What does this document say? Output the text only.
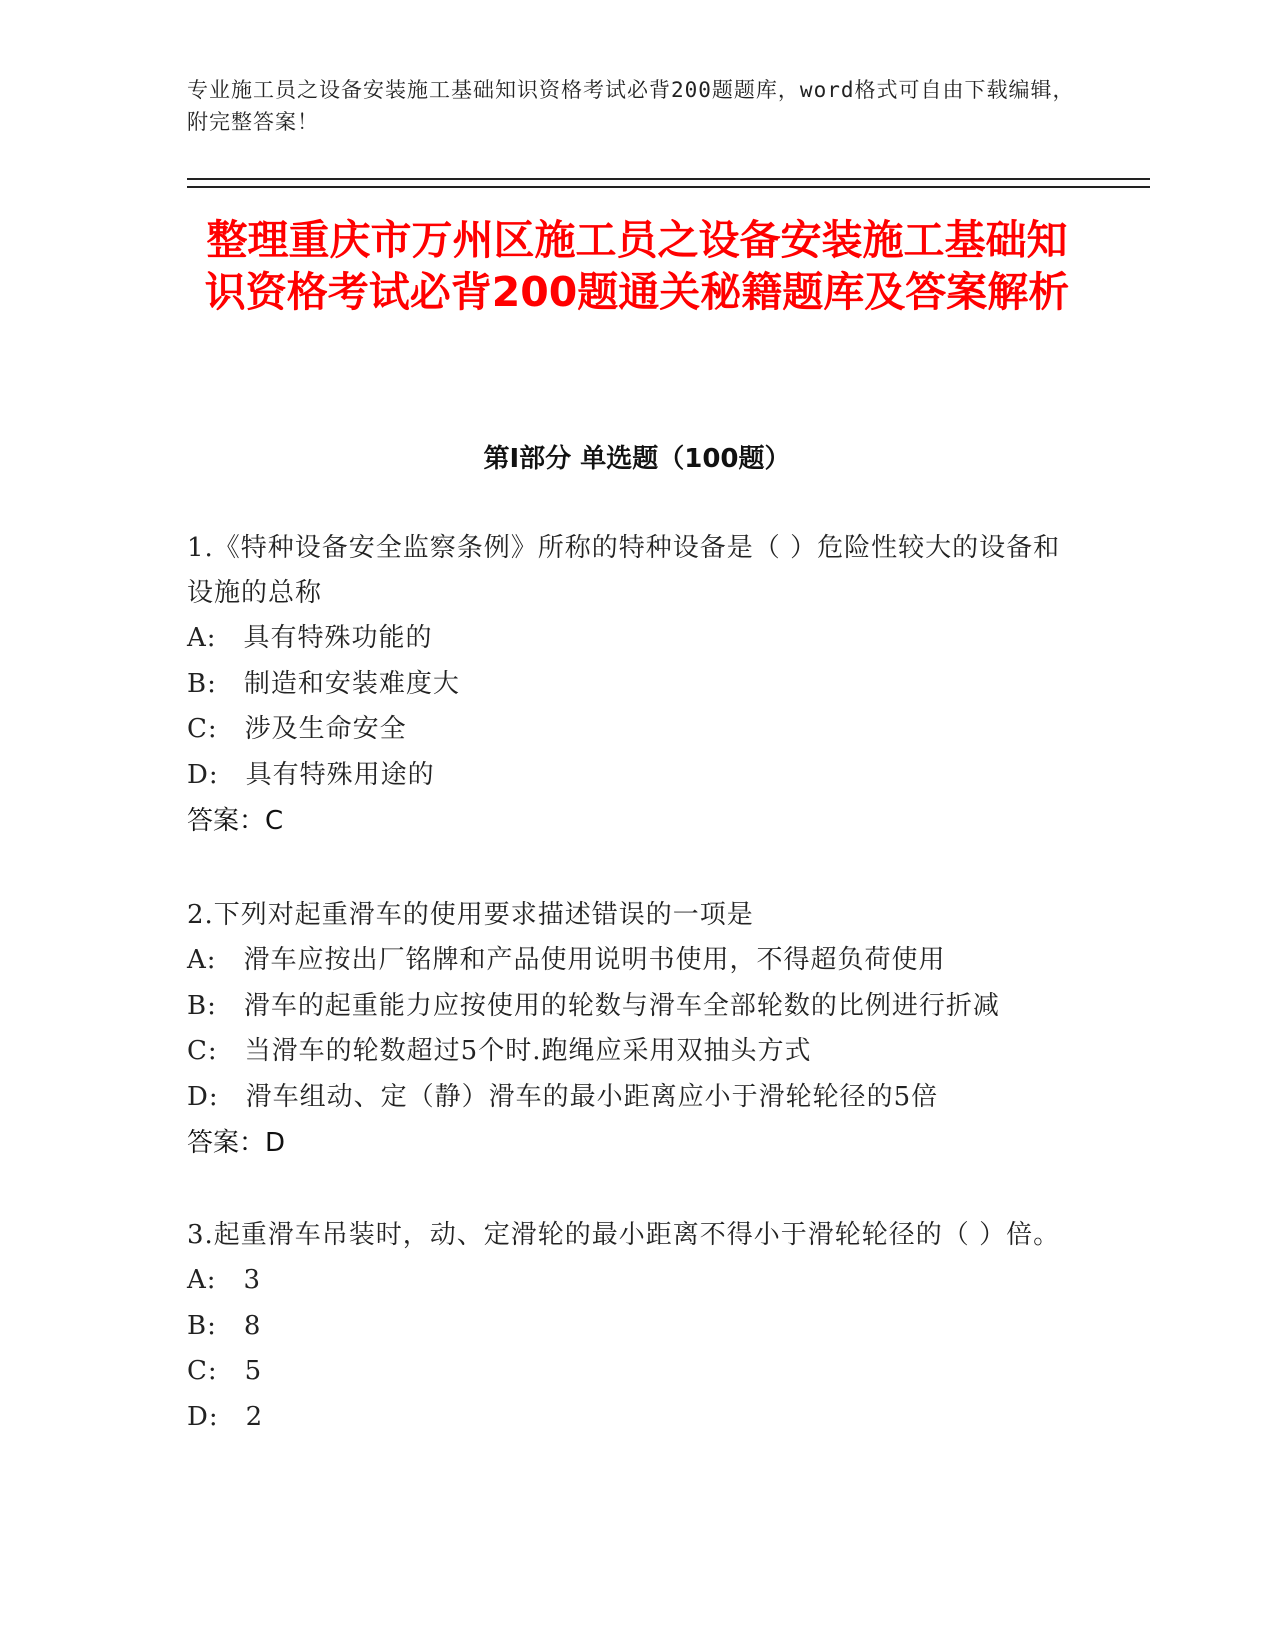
专业施工员之设备安装施工基础知识资格考试必背200题题库，word格式可自由下载编辑，附完整答案！
整理重庆市万州区施工员之设备安装施工基础知识资格考试必背200题通关秘籍题库及答案解析
第Ⅰ部分 单选题（100题）
1.《特种设备安全监察条例》所称的特种设备是（ ）危险性较大的设备和设施的总称
A:　具有特殊功能的
B:　制造和安装难度大
C:　涉及生命安全
D:　具有特殊用途的
答案：C
2.下列对起重滑车的使用要求描述错误的一项是
A:　滑车应按出厂铭牌和产品使用说明书使用，不得超负荷使用
B:　滑车的起重能力应按使用的轮数与滑车全部轮数的比例进行折减
C:　当滑车的轮数超过5个时.跑绳应采用双抽头方式
D:　滑车组动、定（静）滑车的最小距离应小于滑轮轮径的5倍
答案：D
3.起重滑车吊装时，动、定滑轮的最小距离不得小于滑轮轮径的（ ）倍。
A:　3
B:　8
C:　5
D:　2
